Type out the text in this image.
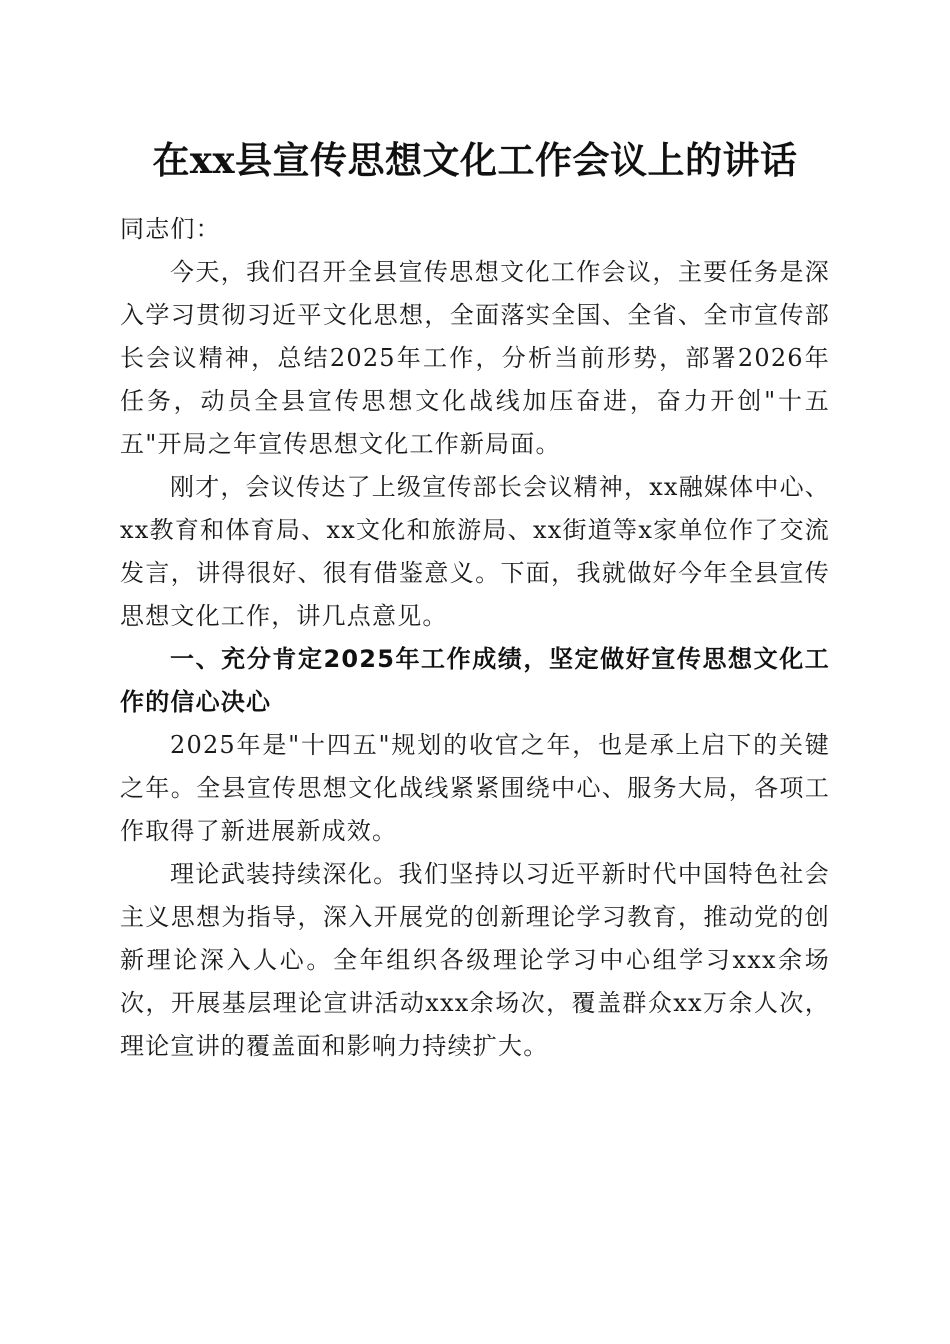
在xx县宣传思想文化工作会议上的讲话

同志们：

今天，我们召开全县宣传思想文化工作会议，主要任务是深入学习贯彻习近平文化思想，全面落实全国、全省、全市宣传部长会议精神，总结2025年工作，分析当前形势，部署2026年任务，动员全县宣传思想文化战线加压奋进，奋力开创"十五五"开局之年宣传思想文化工作新局面。

刚才，会议传达了上级宣传部长会议精神，xx融媒体中心、xx教育和体育局、xx文化和旅游局、xx街道等x家单位作了交流发言，讲得很好、很有借鉴意义。下面，我就做好今年全县宣传思想文化工作，讲几点意见。

一、充分肯定2025年工作成绩，坚定做好宣传思想文化工作的信心决心

2025年是"十四五"规划的收官之年，也是承上启下的关键之年。全县宣传思想文化战线紧紧围绕中心、服务大局，各项工作取得了新进展新成效。

理论武装持续深化。我们坚持以习近平新时代中国特色社会主义思想为指导，深入开展党的创新理论学习教育，推动党的创新理论深入人心。全年组织各级理论学习中心组学习xxx余场次，开展基层理论宣讲活动xxx余场次，覆盖群众xx万余人次，理论宣讲的覆盖面和影响力持续扩大。
